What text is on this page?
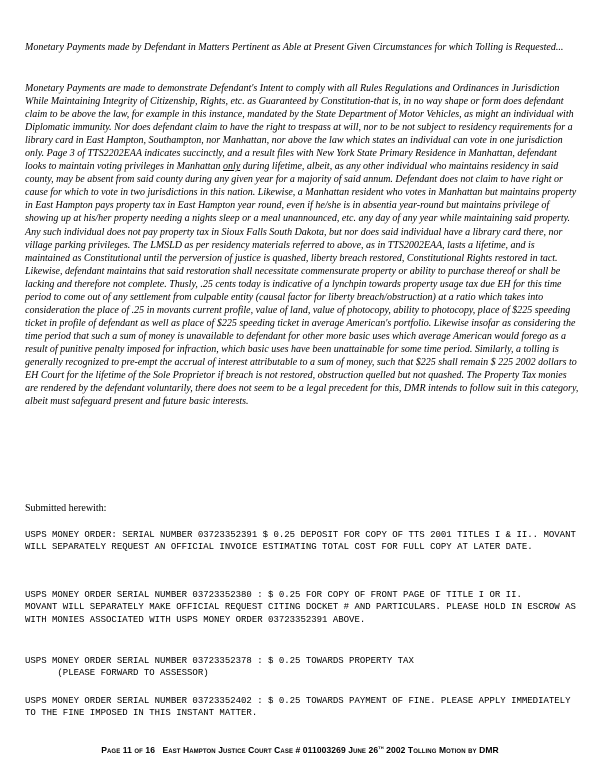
Monetary Payments made by Defendant in Matters Pertinent as Able at Present Given Circumstances for which Tolling is Requested...

Monetary Payments are made to demonstrate Defendant's Intent to comply with all Rules Regulations and Ordinances in Jurisdiction While Maintaining Integrity of Citizenship, Rights, etc. as Guaranteed by Constitution-that is, in no way shape or form does defendant claim to be above the law, for example in this instance, mandated by the State Department of Motor Vehicles, as might an individual with Diplomatic immunity. Nor does defendant claim to have the right to trespass at will, nor to be not subject to residency requirements for a library card in East Hampton, Southampton, nor Manhattan, nor above the law which states an individual can vote in one jurisdiction only. Page 3 of TTS2202EAA indicates succinctly, and a result files with New York State Primary Residence in Manhattan, defendant looks to maintain voting privileges in Manhattan only during lifetime, albeit, as any other individual who maintains residency in said county, may be absent from said county during any given year for a majority of said annum. Defendant does not claim to have right or cause for which to vote in two jurisdictions in this nation. Likewise, a Manhattan resident who votes in Manhattan but maintains property in East Hampton pays property tax in East Hampton year round, even if he/she is in absentia year-round but maintains privilege of showing up at his/her property needing a nights sleep or a meal unannounced, etc. any day of any year while maintaining said property. Any such individual does not pay property tax in Sioux Falls South Dakota, but nor does said individual have a library card there, nor village parking privileges. The LMSLD as per residency materials referred to above, as in TTS2002EAA, lasts a lifetime, and is maintained as Constitutional until the perversion of justice is quashed, liberty breach restored, Constitutional Rights restored in tact. Likewise, defendant maintains that said restoration shall necessitate commensurate property or ability to purchase thereof or shall be lacking and therefore not complete. Thusly, .25 cents today is indicative of a lynchpin towards property usage tax due EH for this time period to come out of any settlement from culpable entity (causal factor for liberty breach/obstruction) at a ratio which takes into consideration the place of .25 in movants current profile, value of land, value of photocopy, ability to photocopy, place of $225 speeding ticket in profile of defendant as well as place of $225 speeding ticket in average American's portfolio. Likewise insofar as considering the time period that such a sum of money is unavailable to defendant for other more basic uses which average American would forego as a result of punitive penalty imposed for infraction, which basic uses have been unattainable for some time period. Similarly, a tolling is generally recognized to pre-empt the accrual of interest attributable to a sum of money, such that $225 shall remain $ 225 2002 dollars to EH Court for the lifetime of the Sole Proprietor if breach is not restored, obstruction quelled but not quashed. The Property Tax monies are rendered by the defendant voluntarily, there does not seem to be a legal precedent for this, DMR intends to follow suit in this category, albeit must safeguard present and future basic interests.

Submitted herewith:

USPS MONEY ORDER: SERIAL NUMBER 03723352391 $ 0.25 DEPOSIT FOR COPY OF TTS 2001 TITLES I & II.. MOVANT WILL SEPARATELY REQUEST AN OFFICIAL INVOICE ESTIMATING TOTAL COST FOR FULL COPY AT LATER DATE.

USPS MONEY ORDER SERIAL NUMBER 03723352380 : $ 0.25 FOR COPY OF FRONT PAGE OF TITLE I OR II.
MOVANT WILL SEPARATELY MAKE OFFICIAL REQUEST CITING DOCKET # AND PARTICULARS. PLEASE HOLD IN ESCROW AS WITH MONIES ASSOCIATED WITH USPS MONEY ORDER 03723352391 ABOVE.

USPS MONEY ORDER SERIAL NUMBER 03723352378 : $ 0.25 TOWARDS PROPERTY TAX
(PLEASE FORWARD TO ASSESSOR)

USPS MONEY ORDER SERIAL NUMBER 03723352402 : $ 0.25 TOWARDS PAYMENT OF FINE. PLEASE APPLY IMMEDIATELY TO THE FINE IMPOSED IN THIS INSTANT MATTER.

Page 11 of 16 East Hampton Justice Court Case # 011003269 June 26th 2002 Tolling Motion by DMR
